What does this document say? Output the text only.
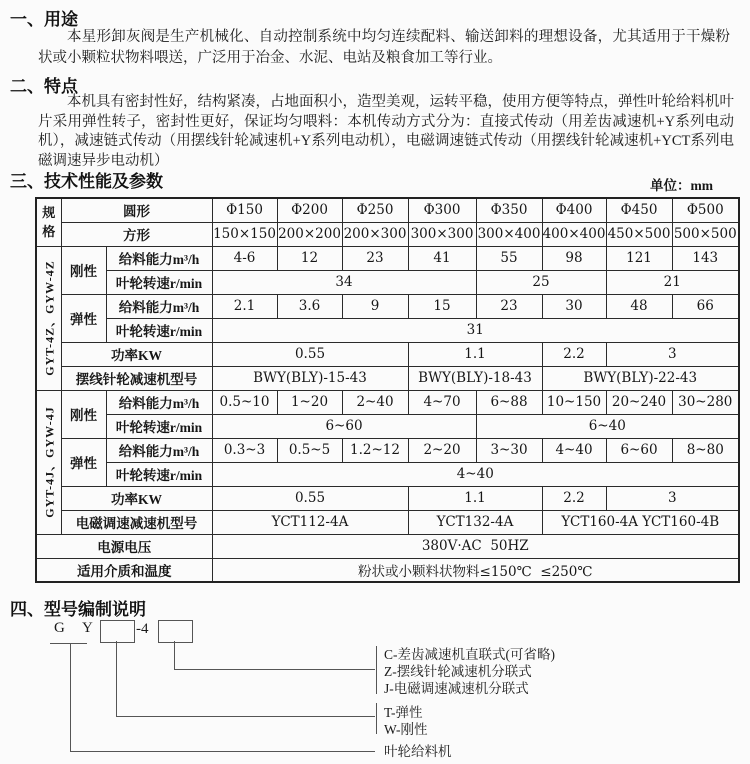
一、用途
本星形卸灰阀是生产机械化、自动控制系统中均匀连续配料、输送卸料的理想设备，尤其适用于干燥粉状或小颗粒状物料喂送，广泛用于冶金、水泥、电站及粮食加工等行业。
二、特点
本机具有密封性好，结构紧凑，占地面积小，造型美观，运转平稳，使用方便等特点，弹性叶轮给料机叶片采用弹性转子，密封性更好，保证均匀喂料：本机传动方式分为：直接式传动（用差齿减速机+Y系列电动机），减速链式传动（用摆线针轮减速机+Y系列电动机），电磁调速链式传动（用摆线针轮减速机+YCT系列电磁调速异步电动机）
三、技术性能及参数	单位：mm
规格	圆形		Φ150	Φ200	Φ250	Φ300	Φ350	Φ400	Φ450	Φ500
	方形		150×150	200×200	200×300	300×300	300×400	400×400	450×500	500×500

GYT-4Z、GYW-4Z	刚性	给料能力m³/h	4-6	12	23	41	55	98	121	143
		叶轮转速r/min	34				25		21	
	弹性	给料能力m³/h	2.1	3.6	9	15	23	30	48	66
		叶轮转速r/min	31							
	功率KW		0.55			1.1		2.2	3	
	摆线针轮减速机型号		BWY(BLY)-15-43			BWY(BLY)-18-43		BWY(BLY)-22-43		

GYT-4J、GYW-4J	刚性	给料能力m³/h	0.5~10	1~20	2~40	4~70	6~88	10~150	20~240	30~280
		叶轮转速r/min	6~60				6~40			
	弹性	给料能力m³/h	0.3~3	0.5~5	1.2~12	2~20	3~30	4~40	6~60	8~80
		叶轮转速r/min	4~40							
	功率KW		0.55			1.1		2.2	3	
	电磁调速减速机型号		YCT112-4A			YCT132-4A		YCT160-4A YCT160-4B		
电源电压			380V·AC  50HZ							
适用介质和温度			粉状或小颗料状物料≤150℃  ≤250℃							
四、型号编制说明
G Y -4
C-差齿减速机直联式(可省略)
Z-摆线针轮减速机分联式
J-电磁调速减速机分联式
T-弹性
W-刚性
叶轮给料机
